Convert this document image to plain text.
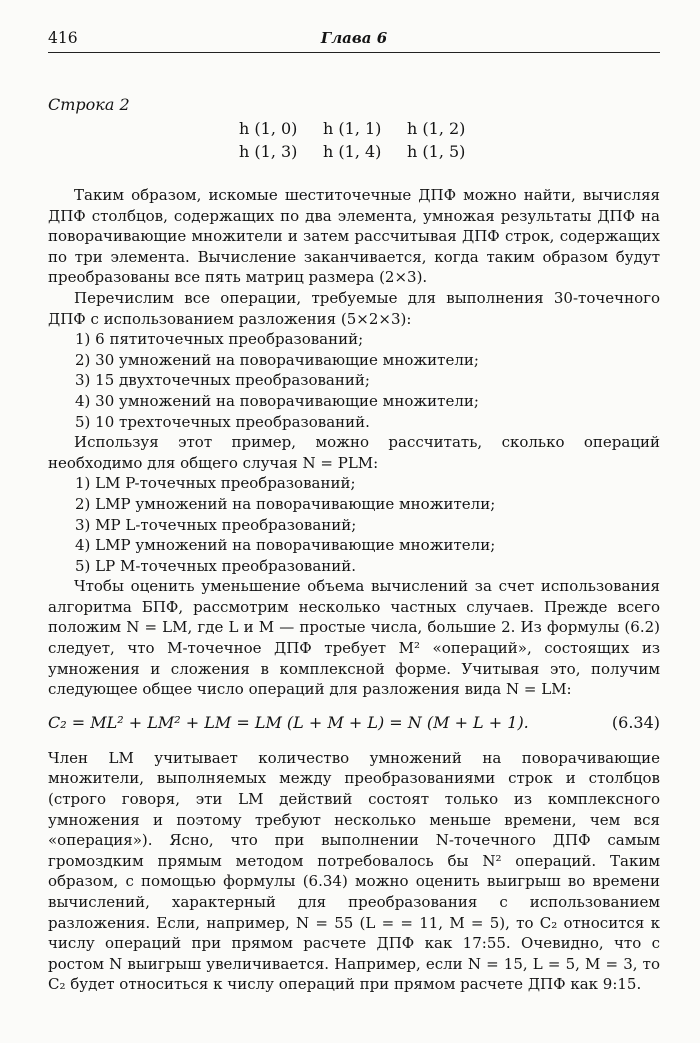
416	Глава 6
Строка 2
h (1, 0) h (1, 1) h (1, 2)
h (1, 3) h (1, 4) h (1, 5)

Таким образом, искомые шеститочечные ДПФ можно найти, вычисляя ДПФ столбцов, содержащих по два элемента, умножая результаты ДПФ на поворачивающие множители и затем рассчитывая ДПФ строк, содержащих по три элемента. Вычисление заканчивается, когда таким образом будут преобразованы все пять матриц размера (2×3).

Перечислим все операции, требуемые для выполнения 30-точечного ДПФ с использованием разложения (5×2×3):

1) 6 пятиточечных преобразований;
2) 30 умножений на поворачивающие множители;
3) 15 двухточечных преобразований;
4) 30 умножений на поворачивающие множители;
5) 10 трехточечных преобразований.

Используя этот пример, можно рассчитать, сколько операций необходимо для общего случая N = PLM:

1) LM P-точечных преобразований;
2) LMP умножений на поворачивающие множители;
3) MP L-точечных преобразований;
4) LMP умножений на поворачивающие множители;
5) LP M-точечных преобразований.

Чтобы оценить уменьшение объема вычислений за счет использования алгоритма БПФ, рассмотрим несколько частных случаев. Прежде всего положим N = LM, где L и M — простые числа, большие 2. Из формулы (6.2) следует, что M-точечное ДПФ требует M² «операций», состоящих из умножения и сложения в комплексной форме. Учитывая это, получим следующее общее число операций для разложения вида N = LM:

C₂ = ML² + LM² + LM = LM (L + M + L) = N (M + L + 1).	(6.34)

Член LM учитывает количество умножений на поворачивающие множители, выполняемых между преобразованиями строк и столбцов (строго говоря, эти LM действий состоят только из комплексного умножения и поэтому требуют несколько меньше времени, чем вся «операция»). Ясно, что при выполнении N-точечного ДПФ самым громоздким прямым методом потребовалось бы N² операций. Таким образом, с помощью формулы (6.34) можно оценить выигрыш во времени вычислений, характерный для преобразования с использованием разложения. Если, например, N = 55 (L = = 11, M = 5), то C₂ относится к числу операций при прямом расчете ДПФ как 17:55. Очевидно, что с ростом N выигрыш увеличивается. Например, если N = 15, L = 5, M = 3, то C₂ будет относиться к числу операций при прямом расчете ДПФ как 9:15.
